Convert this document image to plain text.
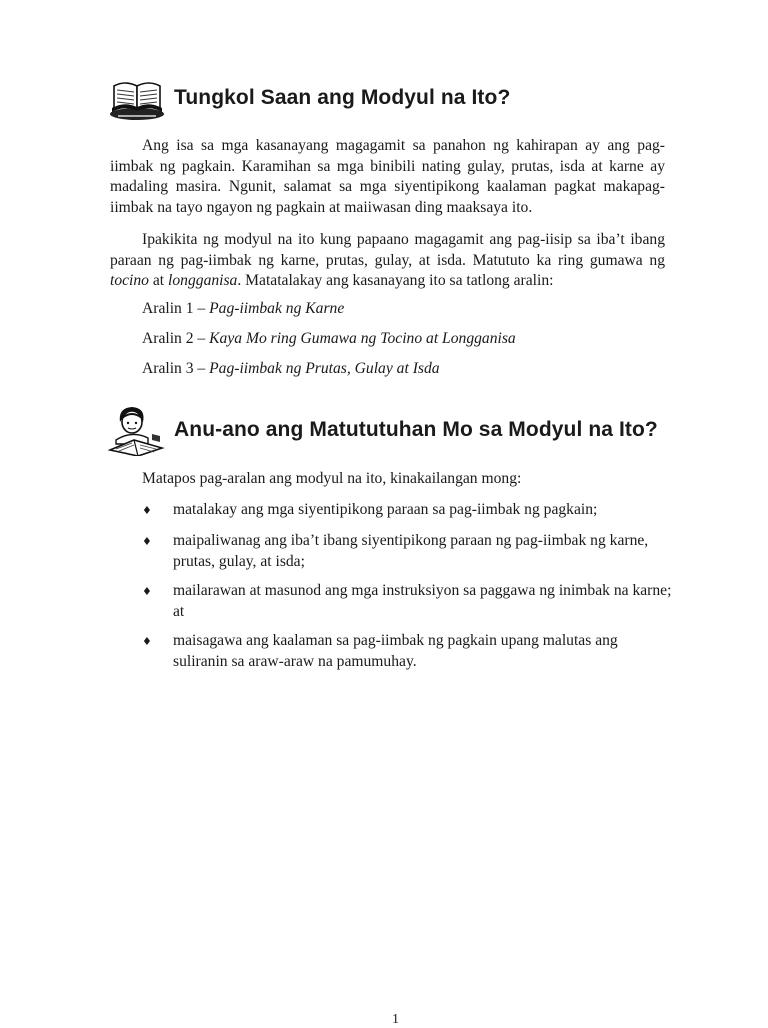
Tungkol Saan ang Modyul na Ito?

Ang isa sa mga kasanayang magagamit sa panahon ng kahirapan ay ang pag-iimbak ng pagkain. Karamihan sa mga binibili nating gulay, prutas, isda at karne ay madaling masira. Ngunit, salamat sa mga siyentipikong kaalaman pagkat makapag-iimbak na tayo ngayon ng pagkain at maiiwasan ding maaksaya ito.

Ipakikita ng modyul na ito kung papaano magagamit ang pag-iisip sa iba’t ibang paraan ng pag-iimbak ng karne, prutas, gulay, at isda. Matututo ka ring gumawa ng tocino at longganisa. Matatalakay ang kasanayang ito sa tatlong aralin:

Aralin 1 – Pag-iimbak ng Karne
Aralin 2 – Kaya Mo ring Gumawa ng Tocino at Longganisa
Aralin 3 – Pag-iimbak ng Prutas, Gulay at Isda
Anu-ano ang Matututuhan Mo sa Modyul na Ito?
Matapos pag-aralan ang modyul na ito, kinakailangan mong:
♦ matalakay ang mga siyentipikong paraan sa pag-iimbak ng pagkain;
♦ maipaliwanag ang iba’t ibang siyentipikong paraan ng pag-iimbak ng karne, prutas, gulay, at isda;
♦ mailarawan at masunod ang mga instruksiyon sa paggawa ng inimbak na karne; at
♦ maisagawa ang kaalaman sa pag-iimbak ng pagkain upang malutas ang suliranin sa araw-araw na pamumuhay.
1
